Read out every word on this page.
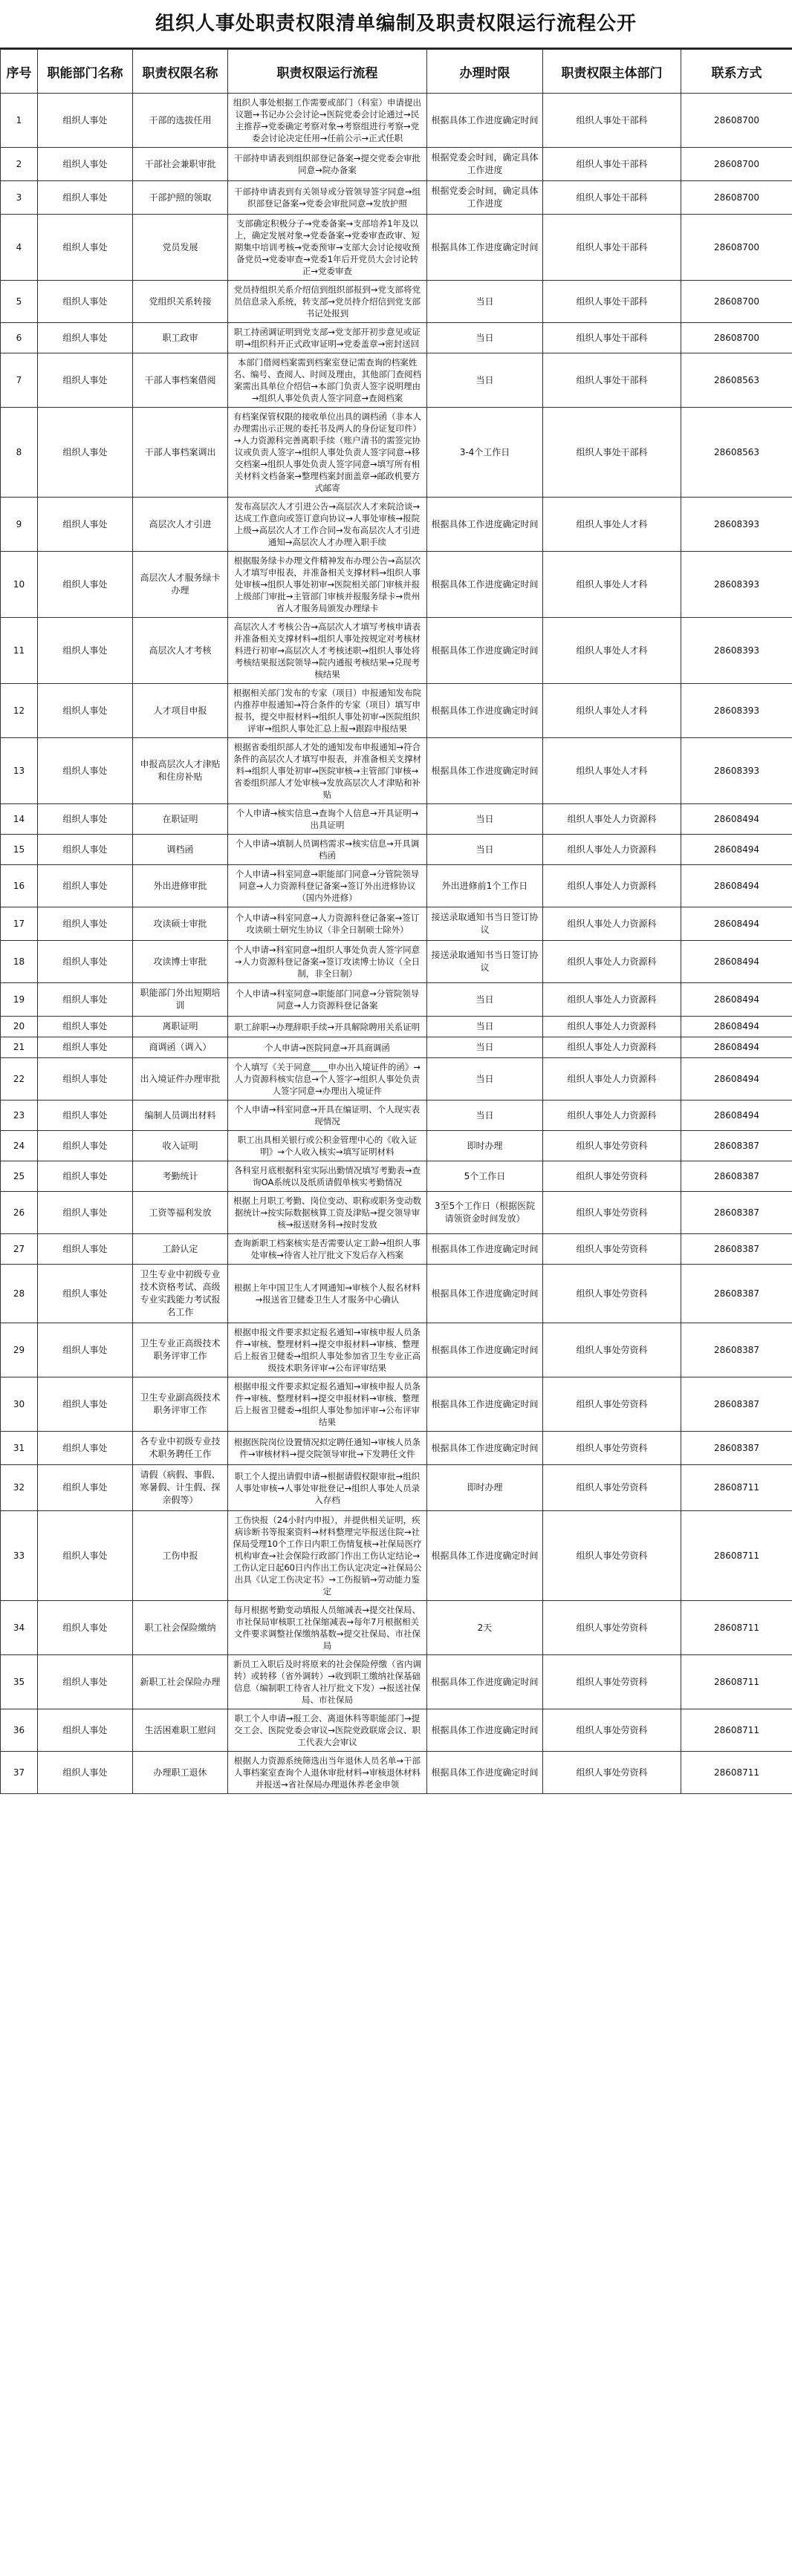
组织人事处职责权限清单编制及职责权限运行流程公开
序号	职能部门名称	职责权限名称	职责权限运行流程	办理时限	职责权限主体部门	联系方式
1	组织人事处	干部的选拔任用	组织人事处根据工作需要或部门（科室）申请提出议题→书记办公会讨论→医院党委会讨论通过→民主推荐→党委确定考察对象→考察组进行考察→党委会讨论决定任用→任前公示→正式任职	根据具体工作进度确定时间	组织人事处干部科	28608700
2	组织人事处	干部社会兼职审批	干部持申请表到组织部登记备案→提交党委会审批同意→院办备案	根据党委会时间，确定具体工作进度	组织人事处干部科	28608700
3	组织人事处	干部护照的领取	干部持申请表到有关领导或分管领导签字同意→组织部登记备案→党委会审批同意→发放护照	根据党委会时间，确定具体工作进度	组织人事处干部科	28608700
4	组织人事处	党员发展	支部确定积极分子→党委备案→支部培养1年及以上，确定发展对象→党委备案→党委审查政审、短期集中培训考核→党委预审→支部大会讨论接收预备党员→党委审查→党委1年后开党员大会讨论转正→党委审查	根据具体工作进度确定时间	组织人事处干部科	28608700
5	组织人事处	党组织关系转接	党员持组织关系介绍信到组织部报到→党支部将党员信息录入系统，转支部→党员持介绍信到党支部书记处报到	当日	组织人事处干部科	28608700
6	组织人事处	职工政审	职工持函调证明到党支部→党支部开初步意见或证明→组织科开正式政审证明→党委盖章→密封送回	当日	组织人事处干部科	28608700
7	组织人事处	干部人事档案借阅	本部门借阅档案需到档案室登记需查询的档案姓名、编号、查阅人、时间及理由，其他部门查阅档案需出具单位介绍信→本部门负责人签字说明理由→组织人事处负责人签字同意→查阅档案	当日	组织人事处干部科	28608563
8	组织人事处	干部人事档案调出	有档案保管权限的接收单位出具的调档函（非本人办理需出示正规的委托书及两人的身份证复印件）→人力资源科完善离职手续（账户清书的需签完协议或负责人签字→组织人事处负责人签字同意→移交档案→组织人事处负责人签字同意→填写所有相关材料文档备案→整理档案封面盖章→邮政机要方式邮寄	3-4个工作日	组织人事处干部科	28608563
9	组织人事处	高层次人才引进	发布高层次人才引进公告→高层次人才来院洽谈→达成工作意向或签订意向协议→人事处审核→报院上级→高层次人才工作合同→发布高层次人才引进通知→高层次人才办理入职手续	根据具体工作进度确定时间	组织人事处人才科	28608393
10	组织人事处	高层次人才服务绿卡办理	根据服务绿卡办理文件精神发布办理公告→高层次人才填写申报表，并准备相关支撑材料→组织人事处审核→组织人事处初审→医院相关部门审核并报上级部门审批→主管部门审核并报服务绿卡→贵州省人才服务局颁发办理绿卡	根据具体工作进度确定时间	组织人事处人才科	28608393
11	组织人事处	高层次人才考核	高层次人才考核公告→高层次人才填写考核申请表并准备相关支撑材料→组织人事处按规定对考核材料进行初审→高层次人才考核述职→组织人事处将考核结果报送院领导→院内通报考核结果→兑现考核结果	根据具体工作进度确定时间	组织人事处人才科	28608393
12	组织人事处	人才项目申报	根据相关部门发布的专家（项目）申报通知发布院内推荐申报通知→符合条件的专家（项目）填写申报书，提交申报材料→组织人事处初审→医院组织评审→组织人事处汇总上报→跟踪申报结果	根据具体工作进度确定时间	组织人事处人才科	28608393
13	组织人事处	申报高层次人才津贴和住房补贴	根据省委组织部人才处的通知发布申报通知→符合条件的高层次人才填写申报表，并准备相关支撑材料→组织人事处初审→医院审核→主管部门审核→省委组织部人才处审核→发放高层次人才津贴和补贴	根据具体工作进度确定时间	组织人事处人才科	28608393
14	组织人事处	在职证明	个人申请→核实信息→查询个人信息→开具证明→出具证明	当日	组织人事处人力资源科	28608494
15	组织人事处	调档函	个人申请→填制人员调档需求→核实信息→开具调档函	当日	组织人事处人力资源科	28608494
16	组织人事处	外出进修审批	个人申请→科室同意→职能部门同意→分管院领导同意→人力资源科登记备案→签订外出进修协议（国内外进修）	外出进修前1个工作日	组织人事处人力资源科	28608494
17	组织人事处	攻读硕士审批	个人申请→科室同意→人力资源科登记备案→签订攻读硕士研究生协议（非全日制硕士除外）	接送录取通知书当日签订协议	组织人事处人力资源科	28608494
18	组织人事处	攻读博士审批	个人申请→科室同意→组织人事处负责人签字同意→人力资源科登记备案→签订攻读博士协议（全日制，非全日制）	接送录取通知书当日签订协议	组织人事处人力资源科	28608494
19	组织人事处	职能部门外出短期培训	个人申请→科室同意→职能部门同意→分管院领导同意→人力资源科登记备案	当日	组织人事处人力资源科	28608494
20	组织人事处	离职证明	职工辞职→办理辞职手续→开具解除聘用关系证明	当日	组织人事处人力资源科	28608494
21	组织人事处	商调函（调入）	个人申请→医院同意→开具商调函	当日	组织人事处人力资源科	28608494
22	组织人事处	出入境证件办理审批	个人填写《关于同意____申办出入境证件的函》→人力资源科核实信息→个人签字→组织人事处负责人签字同意→办理出入境证件	当日	组织人事处人力资源科	28608494
23	组织人事处	编制人员调出材料	个人申请→科室同意→开具在编证明、个人现实表现情况	当日	组织人事处人力资源科	28608494
24	组织人事处	收入证明	职工出具相关银行或公积金管理中心的《收入证明》→个人收入核实→填写证明材料	即时办理	组织人事处劳资科	28608387
25	组织人事处	考勤统计	各科室月底根据科室实际出勤情况填写考勤表→查询OA系统以及纸质请假单核实考勤情况	5个工作日	组织人事处劳资科	28608387
26	组织人事处	工资等福利发放	根据上月职工考勤、岗位变动、职称或职务变动数据统计→按实际数据核算工资及津贴→提交领导审核→报送财务科→按时发放	3至5个工作日（根据医院请领资金时间发放）	组织人事处劳资科	28608387
27	组织人事处	工龄认定	查询新职工档案核实是否需要认定工龄→组织人事处审核→待省人社厅批文下发后存入档案	根据具体工作进度确定时间	组织人事处劳资科	28608387
28	组织人事处	卫生专业中初级专业技术资格考试、高级专业实践能力考试报名工作	根据上年中国卫生人才网通知→审核个人报名材料→报送省卫健委卫生人才服务中心确认	根据具体工作进度确定时间	组织人事处劳资科	28608387
29	组织人事处	卫生专业正高级技术职务评审工作	根据申报文件要求拟定报名通知→审核申报人员条件→审核、整理材料→提交申报材料→审核、整理后上报省卫健委→组织人事处参加省卫生专业正高级技术职务评审→公布评审结果	根据具体工作进度确定时间	组织人事处劳资科	28608387
30	组织人事处	卫生专业副高级技术职务评审工作	根据申报文件要求拟定报名通知→审核申报人员条件→审核、整理材料→提交申报材料→审核、整理后上报省卫健委→组织人事处参加评审→公布评审结果	根据具体工作进度确定时间	组织人事处劳资科	28608387
31	组织人事处	各专业中初级专业技术职务聘任工作	根据医院岗位设置情况拟定聘任通知→审核人员条件→审核材料→提交院领导审批→下发聘任文件	根据具体工作进度确定时间	组织人事处劳资科	28608387
32	组织人事处	请假（病假、事假、寒暑假、计生假、探亲假等）	职工个人提出请假申请→根据请假权限审批→组织人事处审核→人事处审批登记→组织人事处人员录入存档	即时办理	组织人事处劳资科	28608711
33	组织人事处	工伤申报	工伤快报（24小时内申报），并提供相关证明，疾病诊断书等报案资料→材料整理完毕报送住院→社保局受理10个工作日内职工伤情复核→社保局医疗机构审查→社会保险行政部门作出工伤认定结论→工伤认定日起60日内作出工伤认定决定→社保局公出具《认定工伤决定书》→工伤报销→劳动能力鉴定	根据具体工作进度确定时间	组织人事处劳资科	28608711
34	组织人事处	职工社会保险缴纳	每月根据考勤变动填报人员缩减表→提交社保局、市社保局审核职工社保缩减表→每年7月根据相关文件要求调整社保缴纳基数→提交社保局、市社保局	2天	组织人事处劳资科	28608711
35	组织人事处	新职工社会保险办理	新员工入职后及时将原来的社会保险停缴（省内调转）或转移（省外调转）→收到职工缴纳社保基础信息（编制职工待省人社厅批文下发）→报送社保局、市社保局	根据具体工作进度确定时间	组织人事处劳资科	28608711
36	组织人事处	生活困难职工慰问	职工个人申请→报工会、离退休科等职能部门→提交工会、医院党委会审议→医院党政联席会议、职工代表大会审议	根据具体工作进度确定时间	组织人事处劳资科	28608711
37	组织人事处	办理职工退休	根据人力资源系统筛选出当年退休人员名单→干部人事档案室查询个人退休审批材料→审核退休材料并报送→省社保局办理退休养老金申领	根据具体工作进度确定时间	组织人事处劳资科	28608711
